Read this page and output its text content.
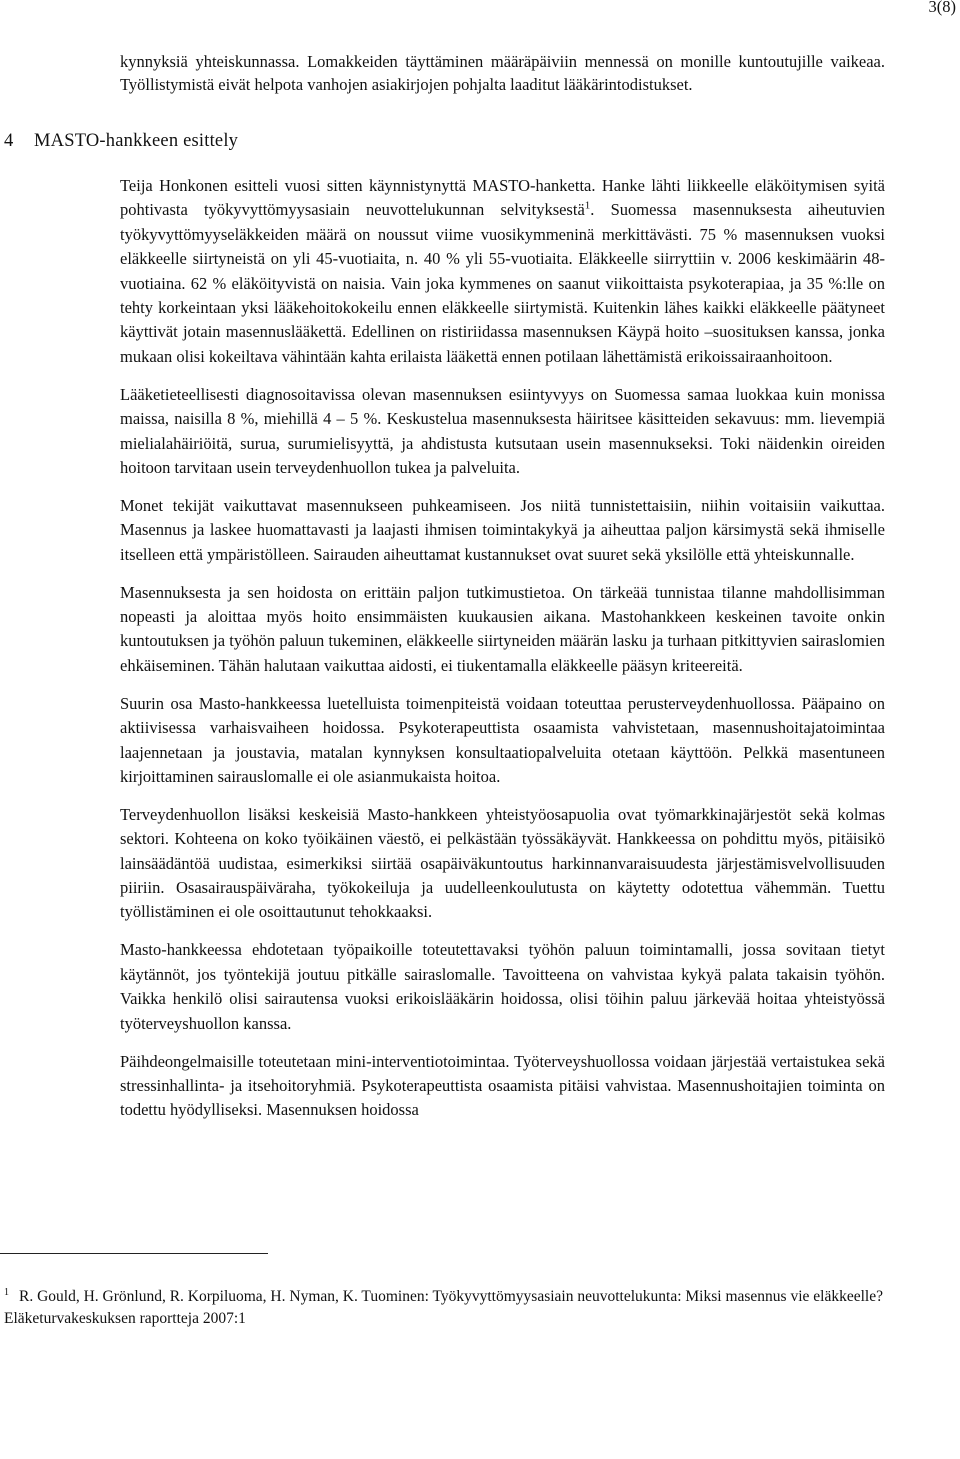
3(8)

kynnyksiä yhteiskunnassa. Lomakkeiden täyttäminen määräpäiviin mennessä on monille kuntoutujille vaikeaa. Työllistymistä eivät helpota vanhojen asiakirjojen pohjalta laaditut lääkärintodistukset.

4 MASTO-hankkeen esittely

Teija Honkonen esitteli vuosi sitten käynnistynyttä MASTO-hanketta. Hanke lähti liikkeelle eläköitymisen syitä pohtivasta työkyvyttömyysasiain neuvottelukunnan selvityksestä$^1$. Suomessa masennuksesta aiheutuvien työkyvyttömyyseläkkeiden määrä on noussut viime vuosikymmeninä merkittävästi. 75 % masennuksen vuoksi eläkkeelle siirtyneistä on yli 45-vuotiaita, n. 40 % yli 55-vuotiaita. Eläkkeelle siirryttiin v. 2006 keskimäärin 48-vuotiaina. 62 % eläköityvistä on naisia. Vain joka kymmenes on saanut viikoittaista psykoterapiaa, ja 35 %:lle on tehty korkeintaan yksi lääkehoitokokeilu ennen eläkkeelle siirtymistä. Kuitenkin lähes kaikki eläkkeelle päätyneet käyttivät jotain masennuslääkettä. Edellinen on ristiriidassa masennuksen Käypä hoito –suosituksen kanssa, jonka mukaan olisi kokeiltava vähintään kahta erilaista lääkettä ennen potilaan lähettämistä erikoissairaanhoitoon.

Lääketieteellisesti diagnosoitavissa olevan masennuksen esiintyvyys on Suomessa samaa luokkaa kuin monissa maissa, naisilla 8 %, miehillä 4 – 5 %. Keskustelua masennuksesta häiritsee käsitteiden sekavuus: mm. lievempiä mielialahäiriöitä, surua, surumielisyyttä, ja ahdistusta kutsutaan usein masennukseksi. Toki näidenkin oireiden hoitoon tarvitaan usein terveydenhuollon tukea ja palveluita.

Monet tekijät vaikuttavat masennukseen puhkeamiseen. Jos niitä tunnistettaisiin, niihin voitaisiin vaikuttaa. Masennus ja laskee huomattavasti ja laajasti ihmisen toimintakykyä ja aiheuttaa paljon kärsimystä sekä ihmiselle itselleen että ympäristölleen. Sairauden aiheuttamat kustannukset ovat suuret sekä yksilölle että yhteiskunnalle.

Masennuksesta ja sen hoidosta on erittäin paljon tutkimustietoa. On tärkeää tunnistaa tilanne mahdollisimman nopeasti ja aloittaa myös hoito ensimmäisten kuukausien aikana. Mastohankkeen keskeinen tavoite onkin kuntoutuksen ja työhön paluun tukeminen, eläkkeelle siirtyneiden määrän lasku ja turhaan pitkittyvien sairaslomien ehkäiseminen. Tähän halutaan vaikuttaa aidosti, ei tiukentamalla eläkkeelle pääsyn kriteereitä.

Suurin osa Masto-hankkeessa luetelluista toimenpiteistä voidaan toteuttaa perusterveydenhuollossa. Pääpaino on aktiivisessa varhaisvaiheen hoidossa. Psykoterapeuttista osaamista vahvistetaan, masennushoitajatoimintaa laajennetaan ja joustavia, matalan kynnyksen konsultaatiopalveluita otetaan käyttöön. Pelkkä masentuneen kirjoittaminen sairauslomalle ei ole asianmukaista hoitoa.

Terveydenhuollon lisäksi keskeisiä Masto-hankkeen yhteistyöosapuolia ovat työmarkkinajärjestöt sekä kolmas sektori. Kohteena on koko työikäinen väestö, ei pelkästään työssäkäyvät. Hankkeessa on pohdittu myös, pitäisikö lainsäädäntöä uudistaa, esimerkiksi siirtää osapäiväkuntoutus harkinnanvaraisuudesta järjestämisvelvollisuuden piiriin. Osasairauspäiväraha, työkokeiluja ja uudelleenkoulutusta on käytetty odotettua vähemmän. Tuettu työllistäminen ei ole osoittautunut tehokkaaksi.

Masto-hankkeessa ehdotetaan työpaikoille toteutettavaksi työhön paluun toimintamalli, jossa sovitaan tietyt käytännöt, jos työntekijä joutuu pitkälle sairaslomalle. Tavoitteena on vahvistaa kykyä palata takaisin työhön. Vaikka henkilö olisi sairautensa vuoksi erikoislääkärin hoidossa, olisi töihin paluu järkevää hoitaa yhteistyössä työterveyshuollon kanssa.

Päihdeongelmaisille toteutetaan mini-interventiotoimintaa. Työterveyshuollossa voidaan järjestää vertaistukea sekä stressinhallinta- ja itsehoitoryhmiä. Psykoterapeuttista osaamista pitäisi vahvistaa. Masennushoitajien toiminta on todettu hyödylliseksi. Masennuksen hoidossa

$^1$ R. Gould, H. Grönlund, R. Korpiluoma, H. Nyman, K. Tuominen: Työkyvyttömyysasiain neuvottelukunta: Miksi masennus vie eläkkeelle? Eläketurvakeskuksen raportteja 2007:1
